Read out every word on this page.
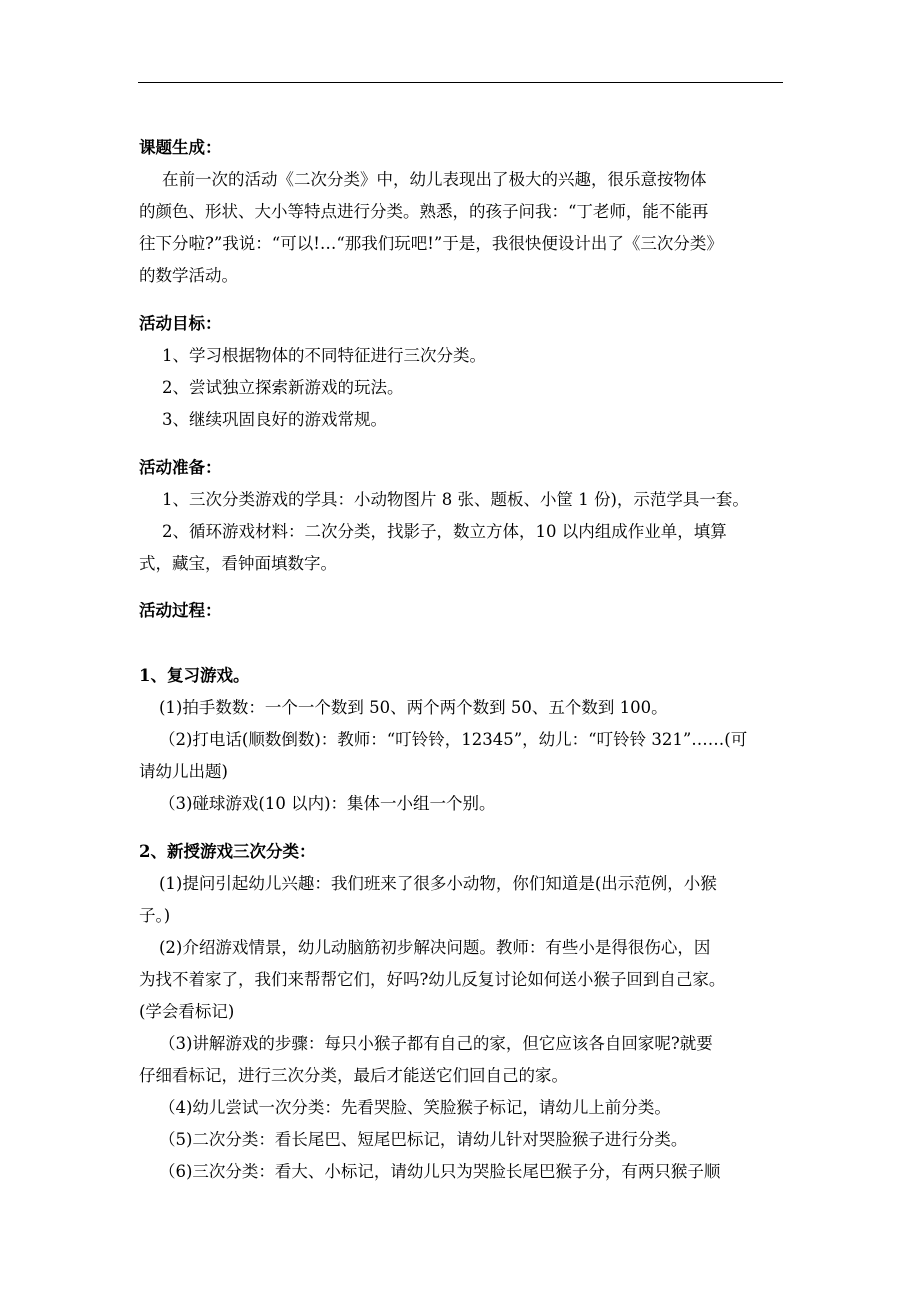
课题生成：
在前一次的活动《二次分类》中，幼儿表现出了极大的兴趣，很乐意按物体
的颜色、形状、大小等特点进行分类。熟悉，的孩子问我：“丁老师，能不能再
往下分啦?”我说：“可以!…“那我们玩吧!”于是，我很快便设计出了《三次分类》
的数学活动。
活动目标：
1、学习根据物体的不同特征进行三次分类。
2、尝试独立探索新游戏的玩法。
3、继续巩固良好的游戏常规。
活动准备：
1、三次分类游戏的学具：小动物图片 8 张、题板、小筐 1 份)，示范学具一套。
2、循环游戏材料：二次分类，找影子，数立方体，10 以内组成作业单，填算
式，藏宝，看钟面填数字。
活动过程：
1、复习游戏。
(1)拍手数数：一个一个数到 50、两个两个数到 50、五个数到 100。
（2)打电话(顺数倒数)：教师：“叮铃铃，12345”，幼儿：“叮铃铃 321”……(可
请幼儿出题)
（3)碰球游戏(10 以内)：集体一小组一个别。
2、新授游戏三次分类：
(1)提问引起幼儿兴趣：我们班来了很多小动物，你们知道是(出示范例，小猴
子。)
(2)介绍游戏情景，幼儿动脑筋初步解决问题。教师：有些小是得很伤心，因
为找不着家了，我们来帮帮它们，好吗?幼儿反复讨论如何送小猴子回到自己家。
(学会看标记)
（3)讲解游戏的步骤：每只小猴子都有自己的家，但它应该各自回家呢?就要
仔细看标记，进行三次分类，最后才能送它们回自己的家。
（4)幼儿尝试一次分类：先看哭脸、笑脸猴子标记，请幼儿上前分类。
（5)二次分类：看长尾巴、短尾巴标记，请幼儿针对哭脸猴子进行分类。
（6)三次分类：看大、小标记，请幼儿只为哭脸长尾巴猴子分，有两只猴子顺
